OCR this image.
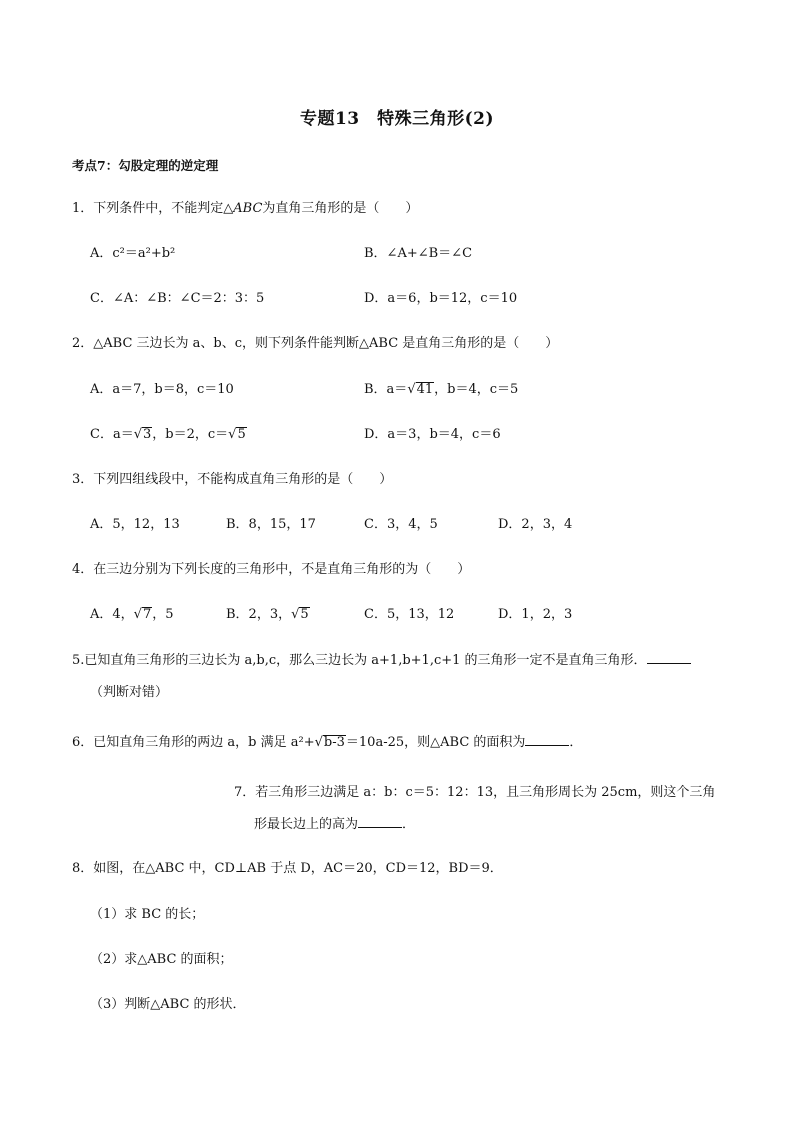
专题13　特殊三角形(2)
考点7：勾股定理的逆定理
1．下列条件中，不能判定△ABC为直角三角形的是（　　）
A．c²＝a²+b²	B．∠A+∠B＝∠C
C．∠A：∠B：∠C＝2：3：5	D．a＝6，b＝12，c＝10
2．△ABC 三边长为 a、b、c，则下列条件能判断△ABC 是直角三角形的是（　　）
A．a＝7，b＝8，c＝10	B．a＝√41，b＝4，c＝5
C．a＝√3，b＝2，c＝√5	D．a＝3，b＝4，c＝6
3．下列四组线段中，不能构成直角三角形的是（　　）
A．5，12，13	B．8，15，17	C．3，4，5	D．2，3，4
4．在三边分别为下列长度的三角形中，不是直角三角形的为（　　）
A．4，√7，5	B．2，3，√5	C．5，13，12	D．1，2，3
5.已知直角三角形的三边长为 a,b,c，那么三边长为 a+1,b+1,c+1 的三角形一定不是直角三角形．
（判断对错）
6．已知直角三角形的两边 a，b 满足 a²+√b-3＝10a-25，则△ABC 的面积为	．
7．若三角形三边满足 a：b：c＝5：12：13，且三角形周长为 25cm，则这个三角
形最长边上的高为	．
8．如图，在△ABC 中，CD⊥AB 于点 D，AC＝20，CD＝12，BD＝9．
（1）求 BC 的长；
（2）求△ABC 的面积；
（3）判断△ABC 的形状．
